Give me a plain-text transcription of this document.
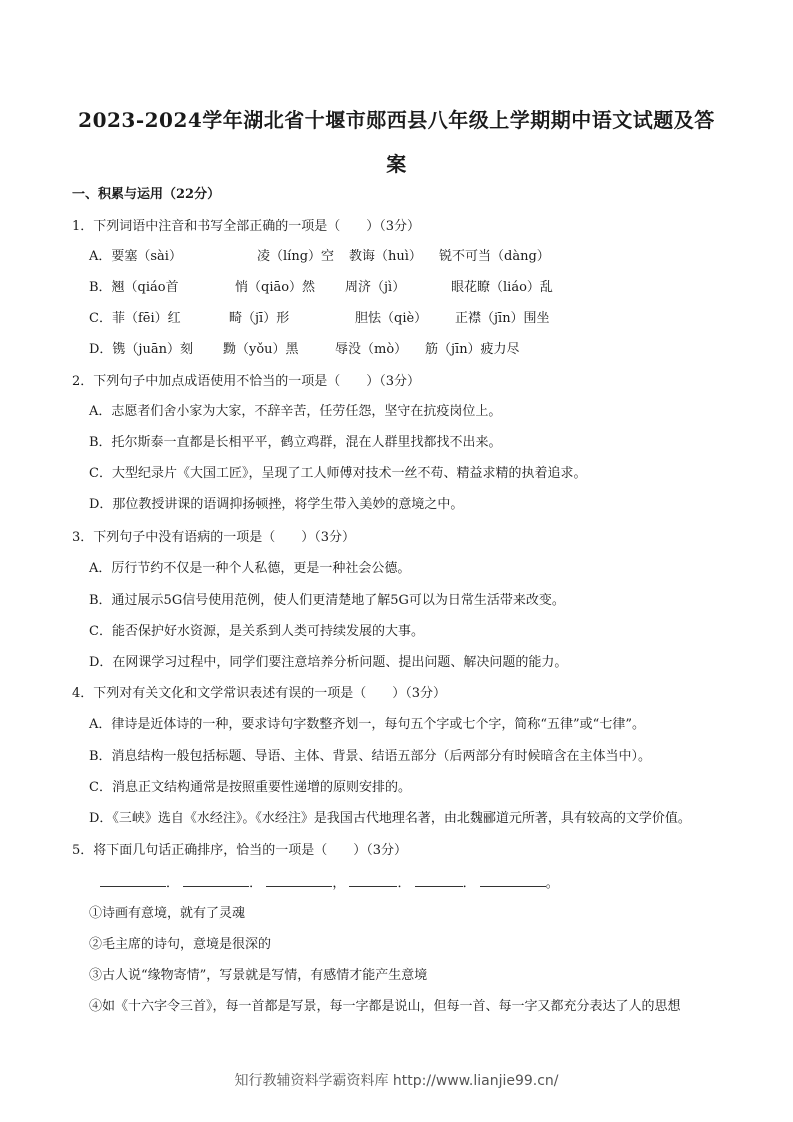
2023-2024学年湖北省十堰市郧西县八年级上学期期中语文试题及答
案
一、积累与运用（22分）
1．下列词语中注音和书写全部正确的一项是（　　）（3分）
A．要塞（sài）	凌（líng）空 教诲（huì） 锐不可当（dàng）
B．翘（qiáo首	悄（qiāo）然 周济（jì）	眼花瞭（liáo）乱
C．菲（fēi）红	畸（jī）形	胆怯（qiè） 正襟（jīn）围坐
D．镌（juān）刻 黝（yǒu）黑	辱没（mò） 筋（jīn）疲力尽
2．下列句子中加点成语使用不恰当的一项是（　　）（3分）
A．志愿者们舍小家为大家，不辞辛苦，任劳任怨，坚守在抗疫岗位上。
B．托尔斯泰一直都是长相平平，鹤立鸡群，混在人群里找都找不出来。
C．大型纪录片《大国工匠》，呈现了工人师傅对技术一丝不苟、精益求精的执着追求。
D．那位教授讲课的语调抑扬顿挫，将学生带入美妙的意境之中。
3．下列句子中没有语病的一项是（　　）（3分）
A．厉行节约不仅是一种个人私德，更是一种社会公德。
B．通过展示5G信号使用范例，使人们更清楚地了解5G可以为日常生活带来改变。
C．能否保护好水资源，是关系到人类可持续发展的大事。
D．在网课学习过程中，同学们要注意培养分析问题、提出问题、解决问题的能力。
4．下列对有关文化和文学常识表述有误的一项是（　　）（3分）
A．律诗是近体诗的一种，要求诗句字数整齐划一，每句五个字或七个字，简称“五律”或“七律”。
B．消息结构一般包括标题、导语、主体、背景、结语五部分（后两部分有时候暗含在主体当中）。
C．消息正文结构通常是按照重要性递增的原则安排的。
D．《三峡》选自《水经注》。《水经注》是我国古代地理名著，由北魏郦道元所著，具有较高的文学价值。
5．将下面几句话正确排序，恰当的一项是（　　）（3分）
．	．	，	．	．	。
①诗画有意境，就有了灵魂
②毛主席的诗句，意境是很深的
③古人说“缘物寄情”，写景就是写情，有感情才能产生意境
④如《十六字令三首》，每一首都是写景，每一字都是说山，但每一首、每一字又都充分表达了人的思想
知行教辅资料学霸资料库 http://www.lianjie99.cn/
